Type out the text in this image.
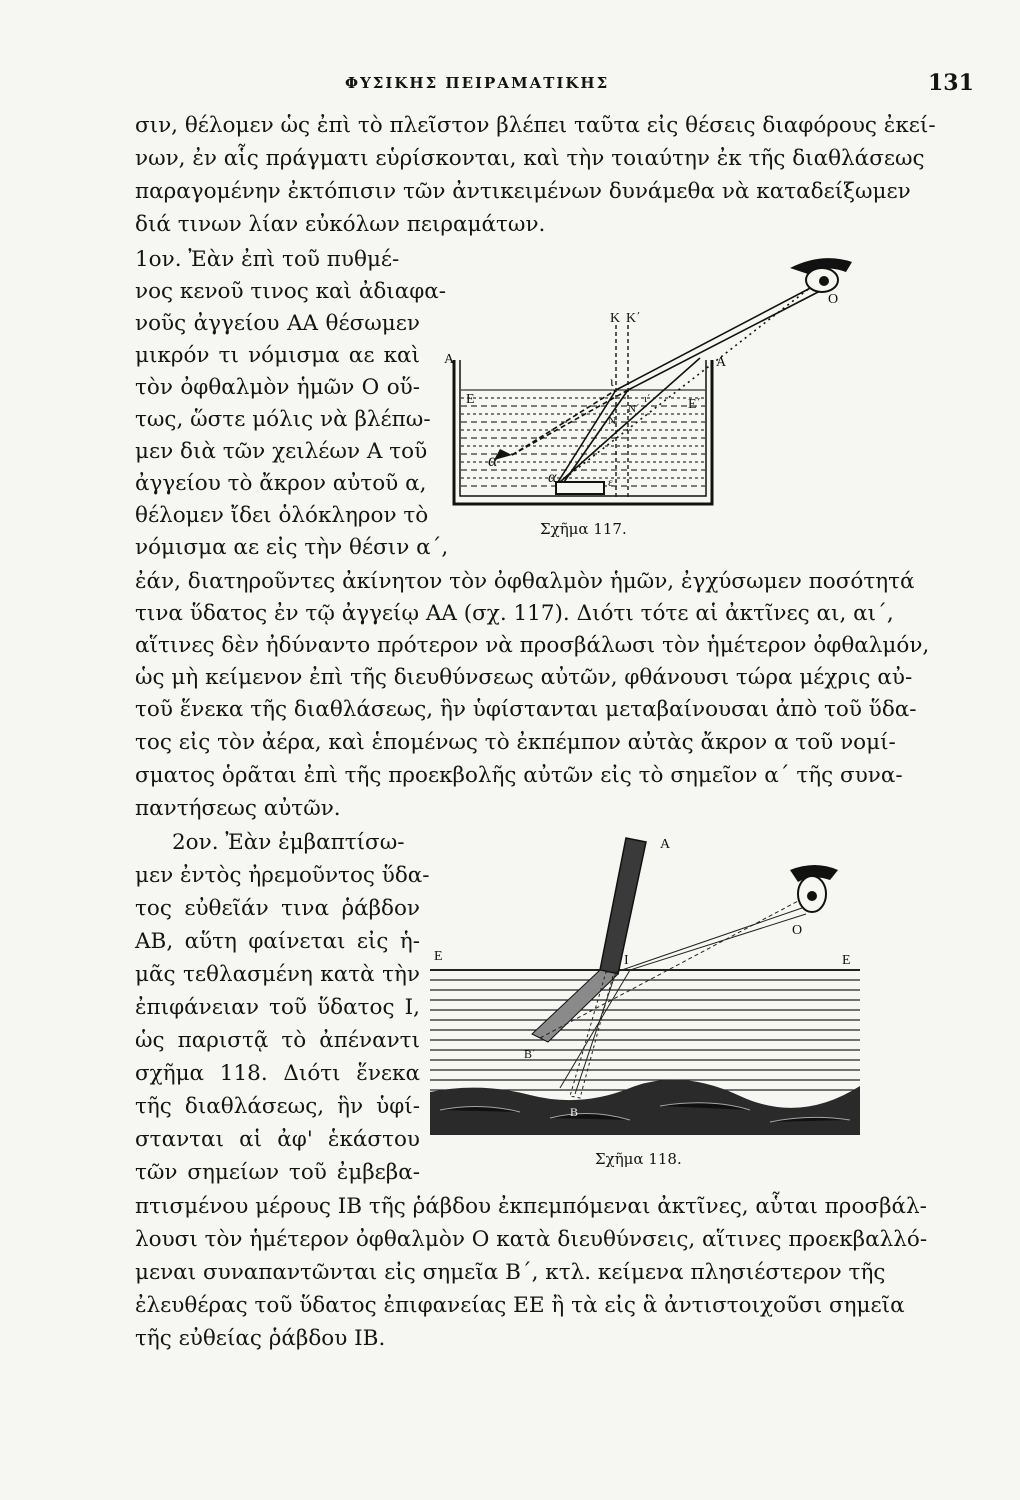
ΦΥΣΙΚΗΣ ΠΕΙΡΑΜΑΤΙΚΗΣ	131
σιν, θέλομεν ὡς ἐπὶ τὸ πλεῖστον βλέπει ταῦτα εἰς θέσεις διαφόρους ἐκεί-
νων, ἐν αἷς πράγματι εὑρίσκονται, καὶ τὴν τοιαύτην ἐκ τῆς διαθλάσεως
παραγομένην ἐκτόπισιν τῶν ἀντικειμένων δυνάμεθα νὰ καταδείξωμεν
διά τινων λίαν εὐκόλων πειραμάτων.
1ον. Ἐὰν ἐπὶ τοῦ πυθμέ-
νος κενοῦ τινος καὶ ἀδιαφα-
νοῦς ἀγγείου ΑΑ θέσωμεν
μικρόν τι νόμισμα αε καὶ
τὸν ὀφθαλμὸν ἡμῶν Ο οὕ-
τως, ὥστε μόλις νὰ βλέπω-
μεν διὰ τῶν χειλέων Α τοῦ
ἀγγείου τὸ ἄκρον αὐτοῦ α,
θέλομεν ἴδει ὁλόκληρον τὸ
νόμισμα αε εἰς τὴν θέσιν α΄,
ἐάν, διατηροῦντες ἀκίνητον τὸν ὀφθαλμὸν ἡμῶν, ἐγχύσωμεν ποσότητά
τινα ὕδατος ἐν τῷ ἀγγείῳ ΑΑ (σχ. 117). Διότι τότε αἱ ἀκτῖνες αι, αι΄,
αἵτινες δὲν ἠδύναντο πρότερον νὰ προσβάλωσι τὸν ἡμέτερον ὀφθαλμόν,
ὡς μὴ κείμενον ἐπὶ τῆς διευθύνσεως αὐτῶν, φθάνουσι τώρα μέχρις αὐ-
τοῦ ἕνεκα τῆς διαθλάσεως, ἣν ὑφίστανται μεταβαίνουσαι ἀπὸ τοῦ ὕδα-
τος εἰς τὸν ἀέρα, καὶ ἑπομένως τὸ ἐκπέμπον αὐτὰς ἄκρον α τοῦ νομί-
σματος ὁρᾶται ἐπὶ τῆς προεκβολῆς αὐτῶν εἰς τὸ σημεῖον α΄ τῆς συνα-
παντήσεως αὐτῶν.
2ον. Ἐὰν ἐμβαπτίσω-
μεν ἐντὸς ἠρεμοῦντος ὕδα-
τος εὐθεῖάν τινα ῥάβδον
ΑΒ, αὕτη φαίνεται εἰς ἡ-
μᾶς τεθλασμένη κατὰ τὴν
ἐπιφάνειαν τοῦ ὕδατος Ι,
ὡς παριστᾷ τὸ ἀπέναντι
σχῆμα 118. Διότι ἕνεκα
τῆς διαθλάσεως, ἣν ὑφί-
στανται αἱ ἀφ' ἑκάστου
τῶν σημείων τοῦ ἐμβεβα-
πτισμένου μέρους ΙΒ τῆς ῥάβδου ἐκπεμπόμεναι ἀκτῖνες, αὗται προσβάλ-
λουσι τὸν ἡμέτερον ὀφθαλμὸν Ο κατὰ διευθύνσεις, αἵτινες προεκβαλλό-
μεναι συναπαντῶνται εἰς σημεῖα Β΄, κτλ. κείμενα πλησιέστερον τῆς
ἐλευθέρας τοῦ ὕδατος ἐπιφανείας ΕΕ ἢ τὰ εἰς ἃ ἀντιστοιχοῦσι σημεῖα
τῆς εὐθείας ῥάβδου ΙΒ.
O
A	A
K K΄
E	E΄
ι
N
N΄
ι΄
α΄
α	ε
Σχῆμα 117.
A
O
E	E
I
B΄
B
Σχῆμα 118.
